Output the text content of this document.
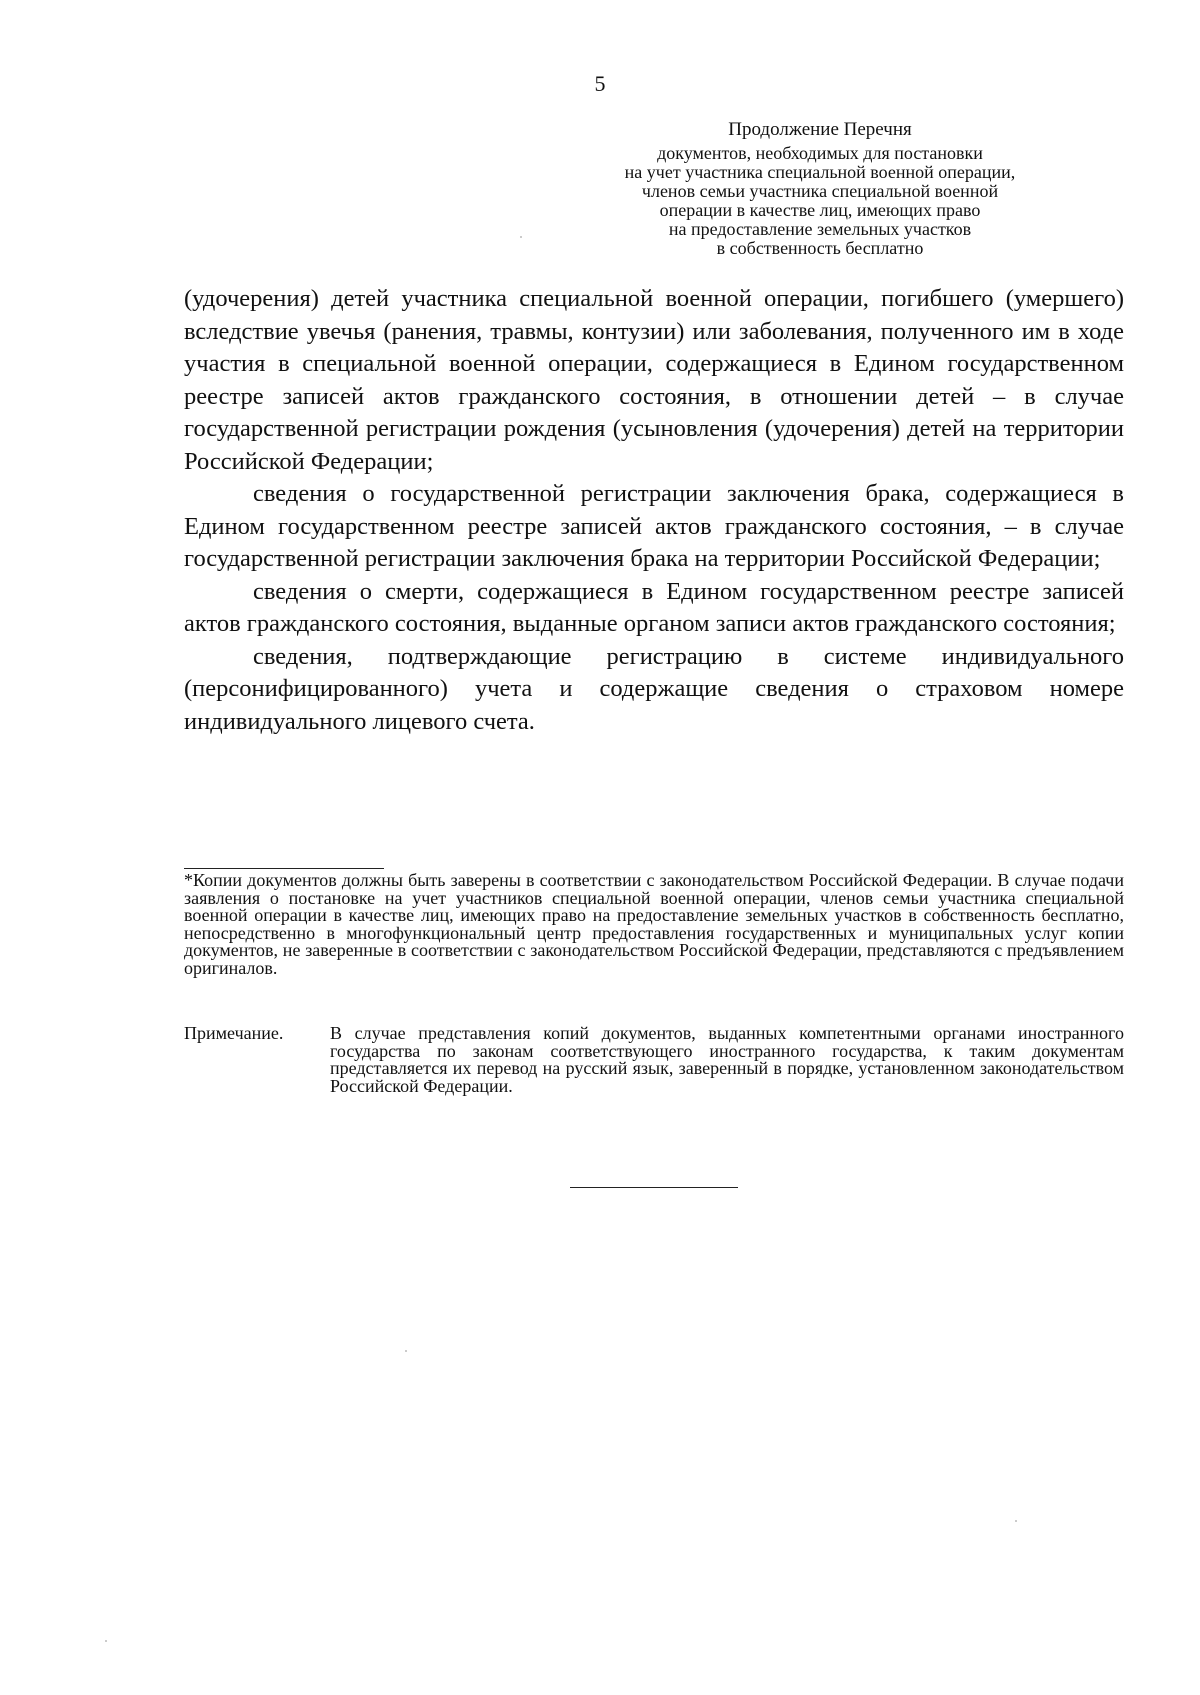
5
Продолжение Перечня
документов, необходимых для постановки
на учет участника специальной военной операции,
членов семьи участника специальной военной
операции в качестве лиц, имеющих право
на предоставление земельных участков
в собственность бесплатно

(удочерения) детей участника специальной военной операции, погибшего (умершего) вследствие увечья (ранения, травмы, контузии) или заболевания, полученного им в ходе участия в специальной военной операции, содержащиеся в Едином государственном реестре записей актов гражданского состояния, в отношении детей – в случае государственной регистрации рождения (усыновления (удочерения) детей на территории Российской Федерации;

сведения о государственной регистрации заключения брака, содержащиеся в Едином государственном реестре записей актов гражданского состояния, – в случае государственной регистрации заключения брака на территории Российской Федерации;

сведения о смерти, содержащиеся в Едином государственном реестре записей актов гражданского состояния, выданные органом записи актов гражданского состояния;

сведения, подтверждающие регистрацию в системе индивидуального (персонифицированного) учета и содержащие сведения о страховом номере индивидуального лицевого счета.

*Копии документов должны быть заверены в соответствии с законодательством Российской Федерации. В случае подачи заявления о постановке на учет участников специальной военной операции, членов семьи участника специальной военной операции в качестве лиц, имеющих право на предоставление земельных участков в собственность бесплатно, непосредственно в многофункциональный центр предоставления государственных и муниципальных услуг копии документов, не заверенные в соответствии с законодательством Российской Федерации, представляются с предъявлением оригиналов.

Примечание.	В случае представления копий документов, выданных компетентными органами иностранного государства по законам соответствующего иностранного государства, к таким документам представляется их перевод на русский язык, заверенный в порядке, установленном законодательством Российской Федерации.
